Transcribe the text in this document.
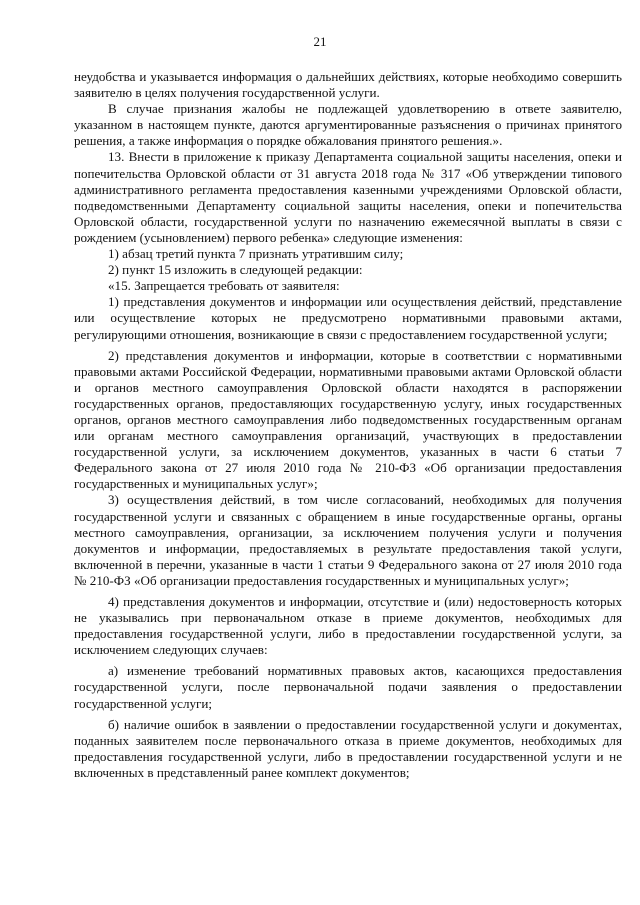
21

неудобства и указывается информация о дальнейших действиях, которые необходимо совершить заявителю в целях получения государственной услуги.

В случае признания жалобы не подлежащей удовлетворению в ответе заявителю, указанном в настоящем пункте, даются аргументированные разъяснения о причинах принятого решения, а также информация о порядке обжалования принятого решения.».

13. Внести в приложение к приказу Департамента социальной защиты населения, опеки и попечительства Орловской области от 31 августа 2018 года № 317 «Об утверждении типового административного регламента предоставления казенными учреждениями Орловской области, подведомственными Департаменту социальной защиты населения, опеки и попечительства Орловской области, государственной услуги по назначению ежемесячной выплаты в связи с рождением (усыновлением) первого ребенка» следующие изменения:

1) абзац третий пункта 7 признать утратившим силу;

2) пункт 15 изложить в следующей редакции:

«15. Запрещается требовать от заявителя:

1) представления документов и информации или осуществления действий, представление или осуществление которых не предусмотрено нормативными правовыми актами, регулирующими отношения, возникающие в связи с предоставлением государственной услуги;

2) представления документов и информации, которые в соответствии с нормативными правовыми актами Российской Федерации, нормативными правовыми актами Орловской области и органов местного самоуправления Орловской области находятся в распоряжении государственных органов, предоставляющих государственную услугу, иных государственных органов, органов местного самоуправления либо подведомственных государственным органам или органам местного самоуправления организаций, участвующих в предоставлении государственной услуги, за исключением документов, указанных в части 6 статьи 7 Федерального закона от 27 июля 2010 года № 210-ФЗ «Об организации предоставления государственных и муниципальных услуг»;

3) осуществления действий, в том числе согласований, необходимых для получения государственной услуги и связанных с обращением в иные государственные органы, органы местного самоуправления, организации, за исключением получения услуги и получения документов и информации, предоставляемых в результате предоставления такой услуги, включенной в перечни, указанные в части 1 статьи 9 Федерального закона от 27 июля 2010 года № 210-ФЗ «Об организации предоставления государственных и муниципальных услуг»;

4) представления документов и информации, отсутствие и (или) недостоверность которых не указывались при первоначальном отказе в приеме документов, необходимых для предоставления государственной услуги, либо в предоставлении государственной услуги, за исключением следующих случаев:

а) изменение требований нормативных правовых актов, касающихся предоставления государственной услуги, после первоначальной подачи заявления о предоставлении государственной услуги;

б) наличие ошибок в заявлении о предоставлении государственной услуги и документах, поданных заявителем после первоначального отказа в приеме документов, необходимых для предоставления государственной услуги, либо в предоставлении государственной услуги и не включенных в представленный ранее комплект документов;
